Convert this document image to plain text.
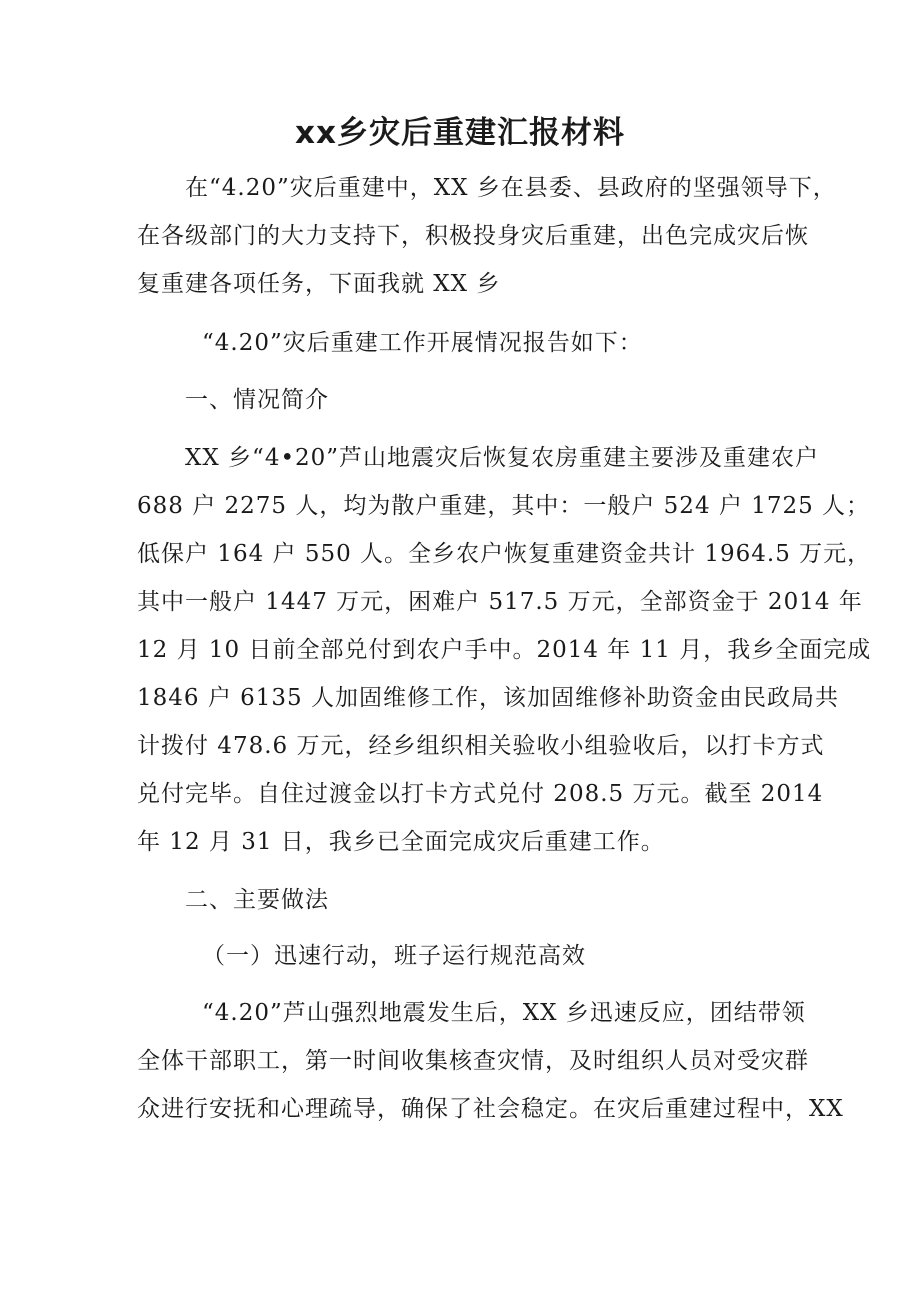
xx乡灾后重建汇报材料
在“4.20”灾后重建中，XX 乡在县委、县政府的坚强领导下，
在各级部门的大力支持下，积极投身灾后重建，出色完成灾后恢
复重建各项任务，下面我就 XX 乡
“4.20”灾后重建工作开展情况报告如下：
一、情况简介
XX 乡“4•20”芦山地震灾后恢复农房重建主要涉及重建农户
688 户 2275 人，均为散户重建，其中：一般户 524 户 1725 人；
低保户 164 户 550 人。全乡农户恢复重建资金共计 1964.5 万元，
其中一般户 1447 万元，困难户 517.5 万元，全部资金于 2014 年
12 月 10 日前全部兑付到农户手中。2014 年 11 月，我乡全面完成
1846 户 6135 人加固维修工作，该加固维修补助资金由民政局共
计拨付 478.6 万元，经乡组织相关验收小组验收后，以打卡方式
兑付完毕。自住过渡金以打卡方式兑付 208.5 万元。截至 2014
年 12 月 31 日，我乡已全面完成灾后重建工作。
二、主要做法
（一）迅速行动，班子运行规范高效
“4.20”芦山强烈地震发生后，XX 乡迅速反应，团结带领
全体干部职工，第一时间收集核查灾情，及时组织人员对受灾群
众进行安抚和心理疏导，确保了社会稳定。在灾后重建过程中，XX
